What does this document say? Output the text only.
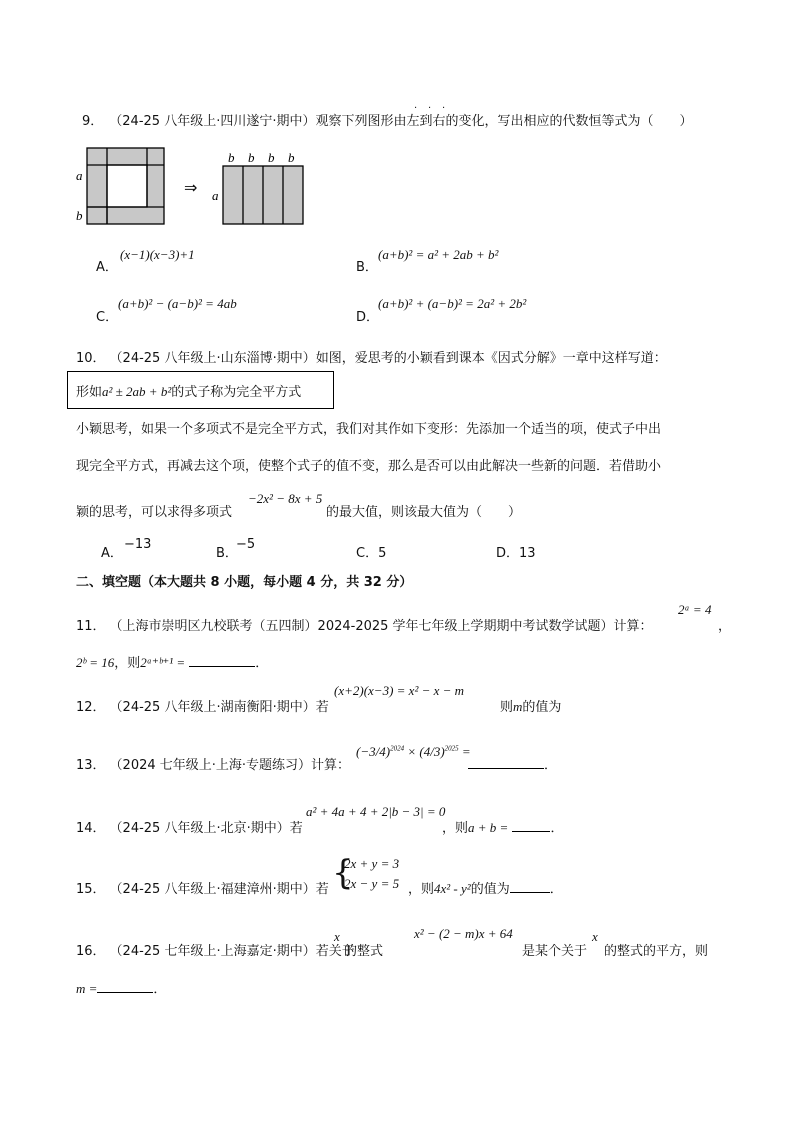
9． （24-25 八年级上·四川遂宁·期中）观察下列图形由左到右的变化，写出相应的代数恒等式为（　　）
· · ·
a
b
⇒
b b b b
a
A．
(x−1)(x−3)+1
B．
(a+b)² = a² + 2ab + b²
C．
(a+b)² − (a−b)² = 4ab
D．
(a+b)² + (a−b)² = 2a² + 2b²
10． （24-25 八年级上·山东淄博·期中）如图，爱思考的小颖看到课本《因式分解》一章中这样写道：
形如a² ± 2ab + b²的式子称为完全平方式
小颖思考，如果一个多项式不是完全平方式，我们对其作如下变形：先添加一个适当的项，使式子中出
现完全平方式，再减去这个项，使整个式子的值不变，那么是否可以由此解决一些新的问题．若借助小
颖的思考，可以求得多项式
−2x² − 8x + 5
的最大值，则该最大值为（　　）
A．
−13
B．
−5
C．5	D．13
二、填空题（本大题共 8 小题，每小题 4 分，共 32 分）
11． （上海市崇明区九校联考（五四制）2024-2025 学年七年级上学期期中考试数学试题）计算：
2ᵃ = 4
，
2ᵇ = 16，则2ᵃ⁺ᵇ⁺¹ =	．
12． （24-25 八年级上·湖南衡阳·期中）若
(x+2)(x−3) = x² − x − m
则m的值为
13． （2024 七年级上·上海·专题练习）计算：
$(-3/4)^{2024} \times (4/3)^{2025}$ =
．
14． （24-25 八年级上·北京·期中）若
a² + 4a + 4 + 2|b − 3| = 0
，则a + b =	．
15． （24-25 八年级上·福建漳州·期中）若 {
2x + y = 3
2x − y = 5 ，则4x² - y²的值为	．
16． （24-25 七年级上·上海嘉定·期中）若关于
x
的整式
x² − (2 − m)x + 64
是某个关于
x
的整式的平方，则
m =	．
